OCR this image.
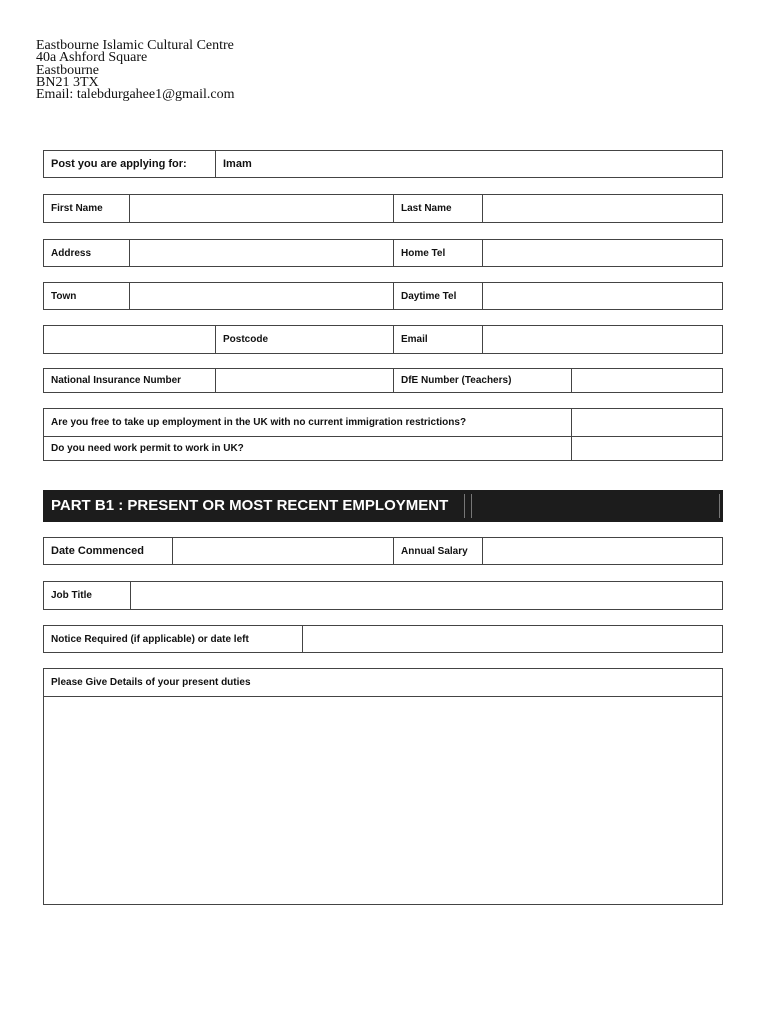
Eastbourne Islamic Cultural Centre
40a Ashford Square
Eastbourne
BN21 3TX
Email: talebdurgahee1@gmail.com
Post you are applying for:	Imam
First Name	Last Name
Address	Home Tel
Town	Daytime Tel
Postcode	Email
National Insurance Number	DfE Number (Teachers)
Are you free to take up employment in the UK with no current immigration restrictions?
Do you need work permit to work in UK?
PART B1 : PRESENT OR MOST RECENT EMPLOYMENT
Date Commenced	Annual Salary
Job Title
Notice Required (if applicable) or date left
Please Give Details of your present duties
